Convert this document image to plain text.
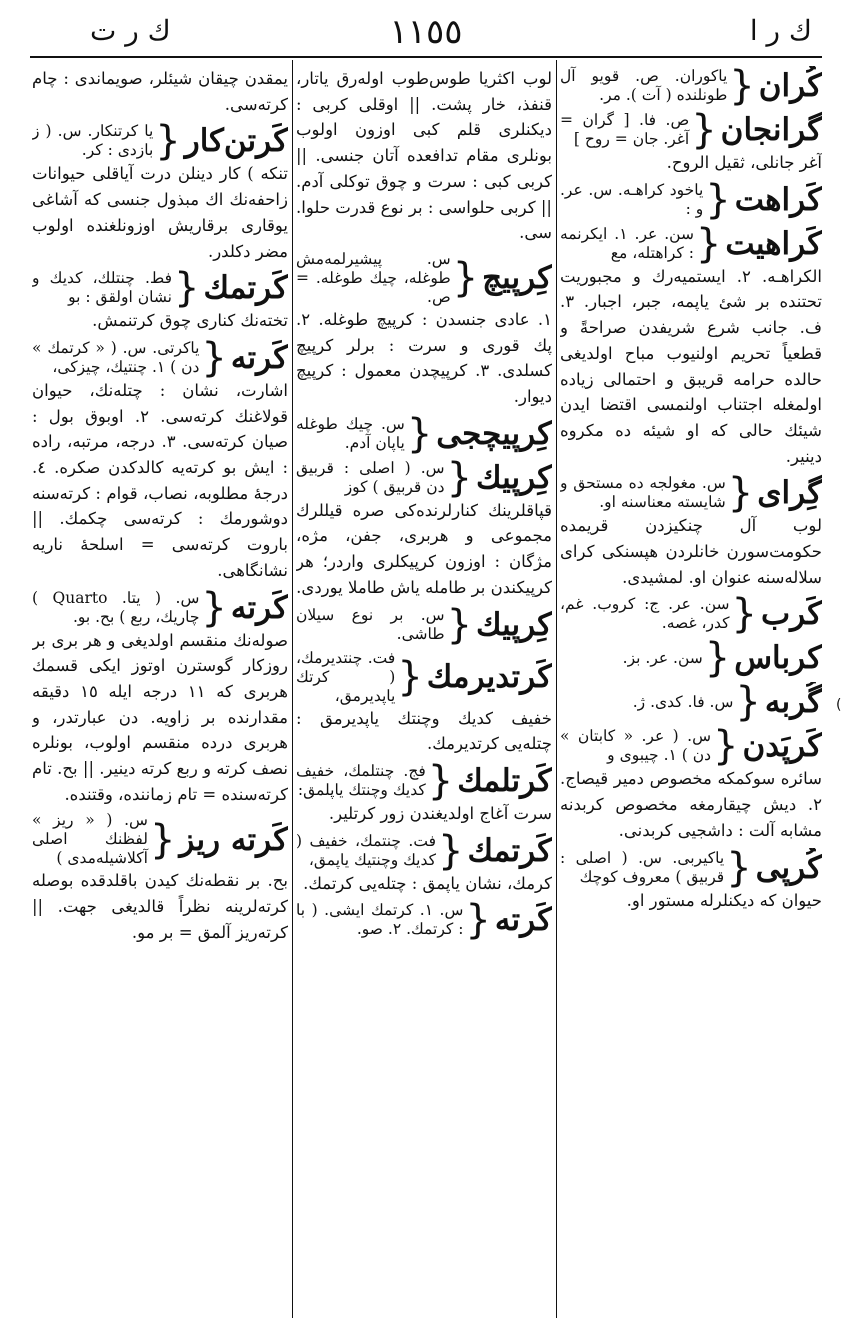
ك ر ا
١١٥٥
ك ر ت
كُران
{
ياكوران. ص. قويو آل طونلنده ( آت ). مر.
گرانجان
{
ص. فا. [ گران = آغر. جان = روح ]
آغر جانلی، ثقیل الروح.
كَراهت
{
ياخود كراهـه. س. عر. و :
كَراهیت
{
سن. عر. ١. ايكرنمه : كراهتله، مع
الكراهـه. ٢. ايستمیه‌رك و مجبوریت تحتنده بر شئ یاپمه، جبر، اجبار. ٣. ف. جانب شرع شریفدن صراحةً و قطعیاً تحریم اولنیوب مباح اولدیغی حالده حرامه قریبق و احتمالی زیاده اولمغله اجتناب اولنمسی اقتضا ایدن شیئك حالی كه او شیئه ده مكروه دینیر.
گِرای
{
س. مغولجه ده مستحق و شایسته معناسنه او.
لوب آل چنكیزدن قریمده حكومت‌سورن خانلردن هپسنكی كرای سلاله‌سنه عنوان او. لمشیدی.
كَرب
{
سن. عر. ج: كروب. غم، كدر، غصه.
كرباس
{
سن. عر. بز.
گُربه
{
س. فا. كدی. ژ.
كَرپَدن
{
س. ( عر. « كابتان » دن ) ١. چیبوی و
سائره سوكمكه مخصوص دمیر قیصاج. ٢. دیش چیقارمغه مخصوص كربدنه مشابه آلت : داشجیی كربدنی.
كُرپی
{
یاكیربی. س. ( اصلی : قربیق ) معروف كوچك
حیوان كه دیكنلرله مستور او.
لوب اكثریا طوس‌طوب اوله‌رق یاتار، قنفذ، خار پشت. || اوقلی كربی : دیكنلری قلم كبی اوزون اولوب بونلری مقام تدافعده آتان جنسی. || كربی كبی : سرت و چوق توكلی آدم. || كربی حلواسی : بر نوع قدرت حلوا. سی.
كِرپیچ
{
س. پیشیرلمه‌مش طوغله، چیك طوغله. = ص.
١. عادی جنسدن : كرپیچ طوغله. ٢. پك قوری و سرت : برلر كرپیچ كسلدی. ٣. كرپیچدن معمول : كرپیچ دیوار.
كِرپیچجی
{
س. چیك طوغله یاپان آدم.
كِرپیك
{
س. ( اصلی : قربیق دن قربیق ) كوز
قپاقلرینك كنارلرنده‌كی صره قیللرك مجموعی و هربری، جفن، مژه، مژگان : اوزون كرپیكلری واردر؛ هر كرپیكندن بر طامله یاش طاملا یوردی.
كِرپیك
{
س. بر نوع سیلان طاشی.
كَرتدیرمك
{
فت. چنتدیرمك، ( كرتك یاپدیرمق،
خفیف كدیك وچنتك یاپدیرمق : چتله‌یی كرتدیرمك.
كَرتلمك
{
فج. چنتلمك، خفیف كدیك وچنتك یاپلمق:
سرت آغاج اولدیغندن زور كرتلیر.
كَرتمك
{
فت. چنتمك، خفیف ( كدیك وچنتیك یاپمق،
كرمك، نشان یاپمق : چتله‌یی كرتمك.
كَرته
{
س. ١. كرتمك ایشی. ( با : كرتمك. ٢. صو.
یمقدن چیقان شیئلر، صویماندی : چام كرته‌سی.
كَرتن‌كار
{
یا كرتنكار. س. ( ز بازدی : كر.
تنكه ) كار دینلن درت آیاقلی حیوانات زاحفه‌نك اك مبذول جنسی كه آشاغی یوقاری برقاریش اوزونلغنده اولوب مضر دكلدر.
كَرتمك
{
فط. چنتلك، كدیك و نشان اولقق : بو
تخته‌نك كناری چوق كرتنمش.
كَرته
{
یاكرتی. س. ( « كرتمك » دن ) ١. چنتیك، چیزكی،
اشارت، نشان : چتله‌نك، حیوان قولاغنك كرته‌سی. ٢. اوبوق بول : صیان كرته‌سی. ٣. درجه، مرتبه، راده : ایش بو كرته‌یه كالدكدن صكره. ٤. درجهٔ مطلوبه، نصاب، قوام : كرته‌سنه دوشورمك : كرته‌سی چكمك. || باروت كرته‌سی = اسلحهٔ ناریه نشانگاهی.
كَرته
{
س. ( یتا. Quarto ) چاریك، ربع ) بح. بو.
صوله‌نك منقسم اولدیغی و هر بری بر روزكار گوسترن اوتوز ایكی قسمك هربری كه ١١ درجه ایله ١٥ دقیقه مقدارنده بر زاویه. دن عبارتدر، و هربری درده منقسم اولوب، بونلره نصف كرته و ربع كرته دینیر. || بح. تام كرته‌سنده = تام زماننده، وقتنده.
كَرته ریز
{
س. ( « ریز » لفظنك اصلی آكلاشیله‌مدی )
بح. بر نقطه‌نك كیدن باقلدقده بوصله كرته‌لرینه نظراً قالدیغی جهت. || كرته‌ریز آلمق = بر مو.
(
